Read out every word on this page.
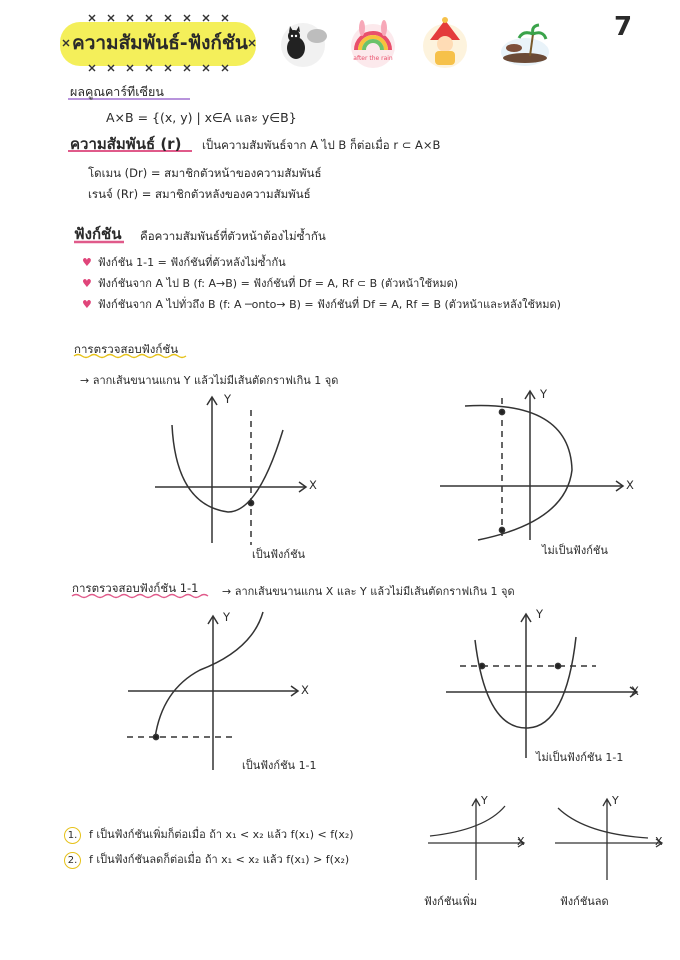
7
after the rain
ความสัมพันธ์-ฟังก์ชัน
ผลคูณคาร์ทีเซียน
A×B = {(x, y) | x∈A และ y∈B}
ความสัมพันธ์ (r) เป็นความสัมพันธ์จาก A ไป B ก็ต่อเมื่อ r ⊂ A×B
โดเมน (Dr) = สมาชิกตัวหน้าของความสัมพันธ์
เรนจ์ (Rr) = สมาชิกตัวหลังของความสัมพันธ์
ฟังก์ชัน คือความสัมพันธ์ที่ตัวหน้าต้องไม่ซ้ำกัน
♥ ฟังก์ชัน 1-1 = ฟังก์ชันที่ตัวหลังไม่ซ้ำกัน
♥ ฟังก์ชันจาก A ไป B (f: A→B) = ฟังก์ชันที่ Df = A, Rf ⊂ B (ตัวหน้าใช้หมด)
♥ ฟังก์ชันจาก A ไปทั่วถึง B (f: A ─onto→ B) = ฟังก์ชันที่ Df = A, Rf = B (ตัวหน้าและหลังใช้หมด)
การตรวจสอบฟังก์ชัน
→ ลากเส้นขนานแกน Y แล้วไม่มีเส้นตัดกราฟเกิน 1 จุด
Y
X
เป็นฟังก์ชัน
Y
X
ไม่เป็นฟังก์ชัน
การตรวจสอบฟังก์ชัน 1-1 → ลากเส้นขนานแกน X และ Y แล้วไม่มีเส้นตัดกราฟเกิน 1 จุด
Y
X
เป็นฟังก์ชัน 1-1
Y
X
ไม่เป็นฟังก์ชัน 1-1
1. f เป็นฟังก์ชันเพิ่มก็ต่อเมื่อ ถ้า x₁ < x₂ แล้ว f(x₁) < f(x₂)
2. f เป็นฟังก์ชันลดก็ต่อเมื่อ ถ้า x₁ < x₂ แล้ว f(x₁) > f(x₂)
Y
X
ฟังก์ชันเพิ่ม
Y
X
ฟังก์ชันลด
